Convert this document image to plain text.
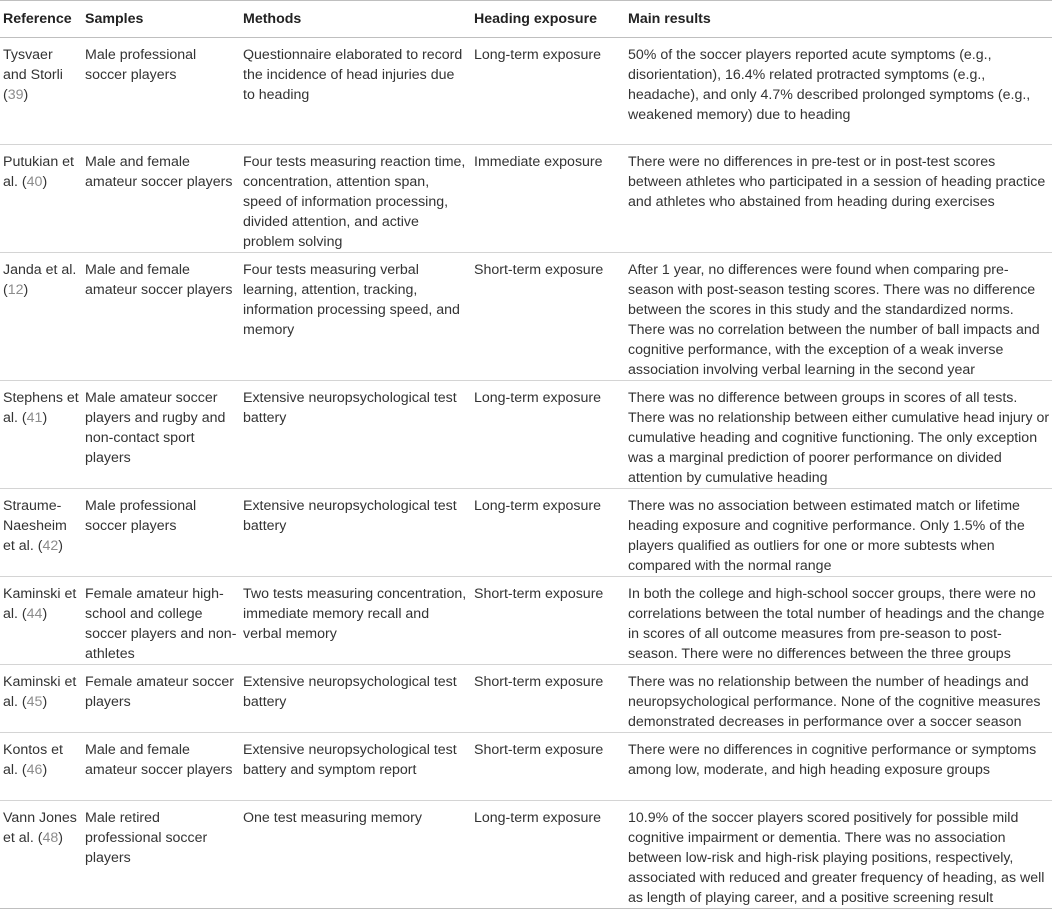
Reference	Samples	Methods	Heading exposure	Main results
Tysvaer and Storli (39)	Male professional soccer players	Questionnaire elaborated to record the incidence of head injuries due to heading	Long-term exposure	50% of the soccer players reported acute symptoms (e.g., disorientation), 16.4% related protracted symptoms (e.g., headache), and only 4.7% described prolonged symptoms (e.g., weakened memory) due to heading
Putukian et al. (40)	Male and female amateur soccer players	Four tests measuring reaction time, concentration, attention span, speed of information processing, divided attention, and active problem solving	Immediate exposure	There were no differences in pre-test or in post-test scores between athletes who participated in a session of heading practice and athletes who abstained from heading during exercises
Janda et al. (12)	Male and female amateur soccer players	Four tests measuring verbal learning, attention, tracking, information processing speed, and memory	Short-term exposure	After 1 year, no differences were found when comparing pre-season with post-season testing scores. There was no difference between the scores in this study and the standardized norms. There was no correlation between the number of ball impacts and cognitive performance, with the exception of a weak inverse association involving verbal learning in the second year
Stephens et al. (41)	Male amateur soccer players and rugby and non-contact sport players	Extensive neuropsychological test battery	Long-term exposure	There was no difference between groups in scores of all tests. There was no relationship between either cumulative head injury or cumulative heading and cognitive functioning. The only exception was a marginal prediction of poorer performance on divided attention by cumulative heading
Straume-Naesheim et al. (42)	Male professional soccer players	Extensive neuropsychological test battery	Long-term exposure	There was no association between estimated match or lifetime heading exposure and cognitive performance. Only 1.5% of the players qualified as outliers for one or more subtests when compared with the normal range
Kaminski et al. (44)	Female amateur high-school and college soccer players and non-athletes	Two tests measuring concentration, immediate memory recall and verbal memory	Short-term exposure	In both the college and high-school soccer groups, there were no correlations between the total number of headings and the change in scores of all outcome measures from pre-season to post-season. There were no differences between the three groups
Kaminski et al. (45)	Female amateur soccer players	Extensive neuropsychological test battery	Short-term exposure	There was no relationship between the number of headings and neuropsychological performance. None of the cognitive measures demonstrated decreases in performance over a soccer season
Kontos et al. (46)	Male and female amateur soccer players	Extensive neuropsychological test battery and symptom report	Short-term exposure	There were no differences in cognitive performance or symptoms among low, moderate, and high heading exposure groups
Vann Jones et al. (48)	Male retired professional soccer players	One test measuring memory	Long-term exposure	10.9% of the soccer players scored positively for possible mild cognitive impairment or dementia. There was no association between low-risk and high-risk playing positions, respectively, associated with reduced and greater frequency of heading, as well as length of playing career, and a positive screening result
